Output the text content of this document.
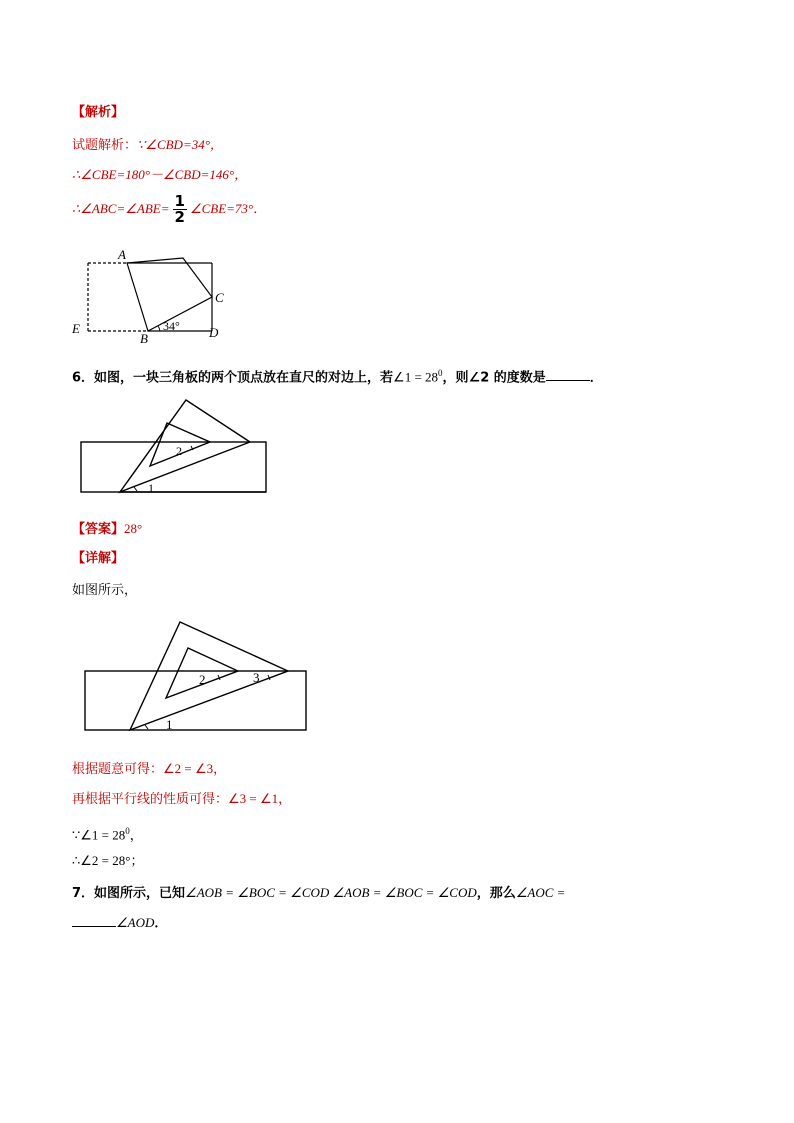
【解析】
试题解析：∵∠CBD=34°，
∴∠CBE=180°－∠CBD=146°，
∴∠ABC=∠ABE= $\frac{1}{2}$ ∠CBE=73°．
A
B
C
D
E	34°
6．如图，一块三角板的两个顶点放在直尺的对边上，若∠1 = $28^0$，则∠2 的度数是	．
2
1
【答案】28°
【详解】
如图所示，
2	3
1
根据题意可得：∠2 = ∠3，
再根据平行线的性质可得：∠3 = ∠1，
∵∠1 = $28^0$，
∴∠2 = 28°；
7．如图所示，已知∠AOB = ∠BOC = ∠COD ∠AOB = ∠BOC = ∠COD，那么∠AOC =
∠AOD．
